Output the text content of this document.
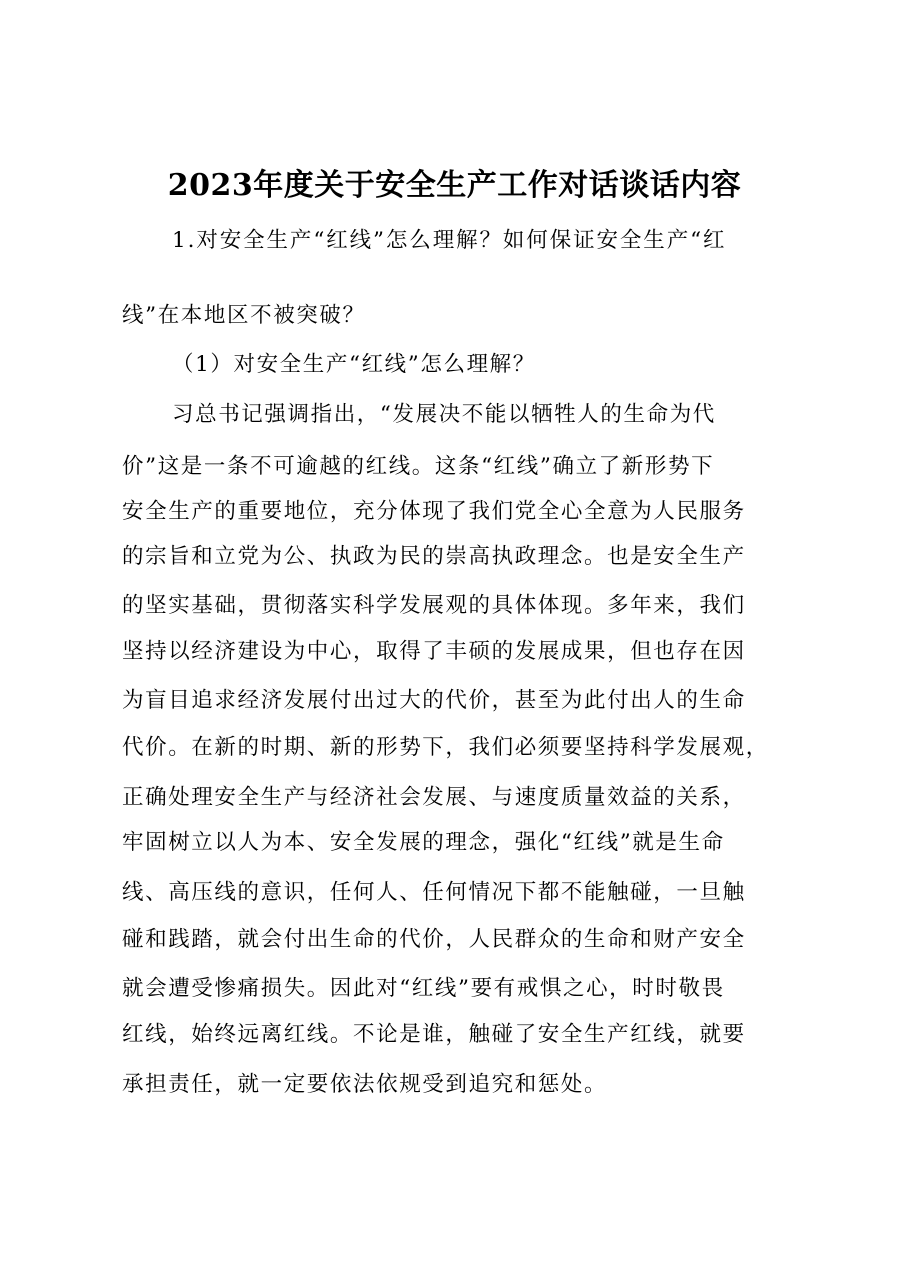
2023年度关于安全生产工作对话谈话内容
1.对安全生产“红线”怎么理解？如何保证安全生产“红
线”在本地区不被突破？
（1）对安全生产“红线”怎么理解？
习总书记强调指出，“发展决不能以牺牲人的生命为代
价”这是一条不可逾越的红线。这条“红线”确立了新形势下
安全生产的重要地位，充分体现了我们党全心全意为人民服务
的宗旨和立党为公、执政为民的崇高执政理念。也是安全生产
的坚实基础，贯彻落实科学发展观的具体体现。多年来，我们
坚持以经济建设为中心，取得了丰硕的发展成果，但也存在因
为盲目追求经济发展付出过大的代价，甚至为此付出人的生命
代价。在新的时期、新的形势下，我们必须要坚持科学发展观，
正确处理安全生产与经济社会发展、与速度质量效益的关系，
牢固树立以人为本、安全发展的理念，强化“红线”就是生命
线、高压线的意识，任何人、任何情况下都不能触碰，一旦触
碰和践踏，就会付出生命的代价，人民群众的生命和财产安全
就会遭受惨痛损失。因此对“红线”要有戒惧之心，时时敬畏
红线，始终远离红线。不论是谁，触碰了安全生产红线，就要
承担责任，就一定要依法依规受到追究和惩处。
